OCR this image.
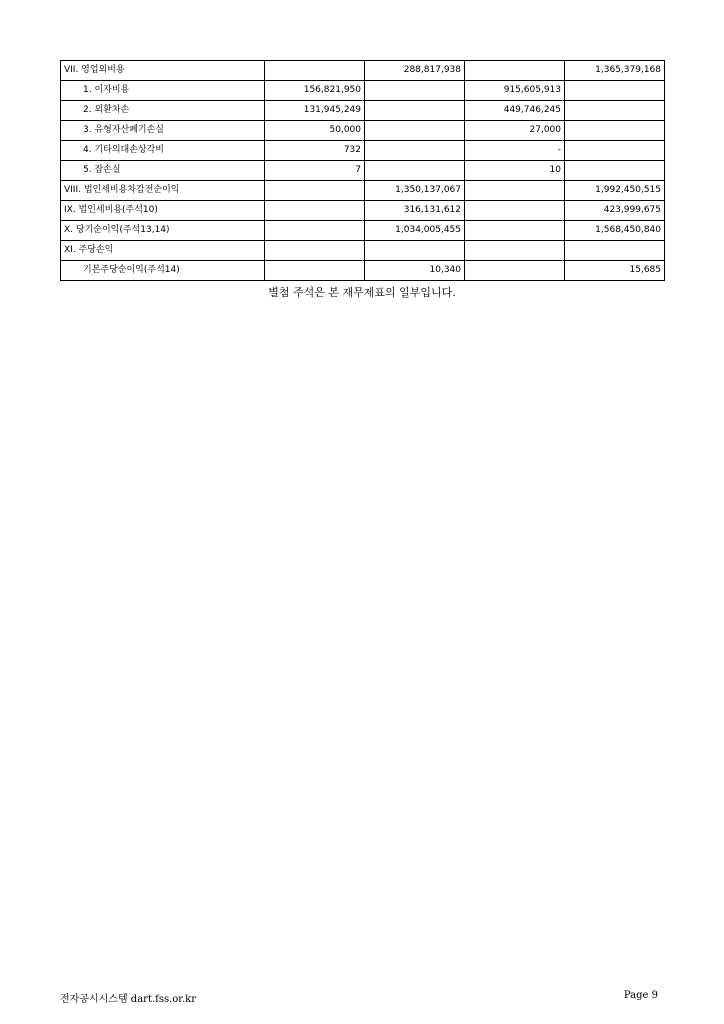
VII. 영업외비용		288,817,938		1,365,379,168
1. 이자비용	156,821,950		915,605,913	
2. 외환차손	131,945,249		449,746,245	
3. 유형자산폐기손실	50,000		27,000	
4. 기타의대손상각비	732		-	
5. 잡손실	7		10	
VIII. 법인세비용차감전순이익		1,350,137,067		1,992,450,515
IX. 법인세비용(주석10)		316,131,612		423,999,675
X. 당기순이익(주석13,14)		1,034,005,455		1,568,450,840
XI. 주당손익				
기본주당순이익(주석14)		10,340		15,685
별첨 주석은 본 재무제표의 일부입니다.
전자공시시스템 dart.fss.or.kr	Page 9
